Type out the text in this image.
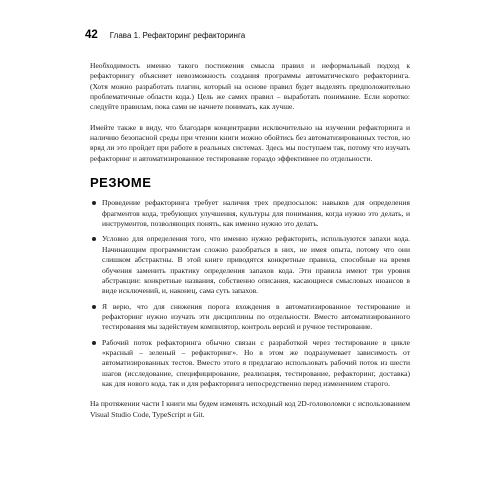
42 Глава 1. Рефакторинг рефакторинга

Необходимость именно такого постижения смысла правил и неформальный подход к рефакторингу объясняет невозможность создания программы автоматического рефакторинга. (Хотя можно разработать плагин, который на основе правил будет выделять предположительно проблематичные области кода.) Цель же самих правил – выработать понимание. Если коротко: следуйте правилам, пока сами не начнете понимать, как лучше.

Имейте также в виду, что благодаря концентрации исключительно на изучении рефакторинга и наличию безопасной среды при чтении книги можно обойтись без автоматизированных тестов, но вряд ли это пройдет при работе в реальных системах. Здесь мы поступаем так, потому что изучать рефакторинг и автоматизированное тестирование гораздо эффективнее по отдельности.

РЕЗЮМЕ
Проведение рефакторинга требует наличия трех предпосылок: навыков для определения фрагментов кода, требующих улучшения, культуры для понимания, когда нужно это делать, и инструментов, позволяющих понять, как именно нужно это делать.
Условно для определения того, что именно нужно рефакторить, используются запахи кода. Начинающим программистам сложно разобраться в них, не имея опыта, потому что они слишком абстрактны. В этой книге приводятся конкретные правила, способные на время обучения заменить практику определения запахов кода. Эти правила имеют три уровня абстракции: конкретные названия, собственно описания, касающиеся смысловых нюансов в виде исключений, и, наконец, сама суть запахов.
Я верю, что для снижения порога вхождения в автоматизированное тестирование и рефакторинг нужно изучать эти дисциплины по отдельности. Вместо автоматизированного тестирования мы задействуем компилятор, контроль версий и ручное тестирование.
Рабочий поток рефакторинга обычно связан с разработкой через тестирование в цикле «красный – зеленый – рефакторинг». Но в этом же подразумевает зависимость от автоматизированных тестов. Вместо этого я предлагаю использовать рабочий поток из шести шагов (исследование, специфицирование, реализация, тестирование, рефакторинг, доставка) как для нового кода, так и для рефакторинга непосредственно перед изменением старого.

На протяжении части I книги мы будем изменять исходный код 2D-головоломки с использованием Visual Studio Code, TypeScript и Git.
